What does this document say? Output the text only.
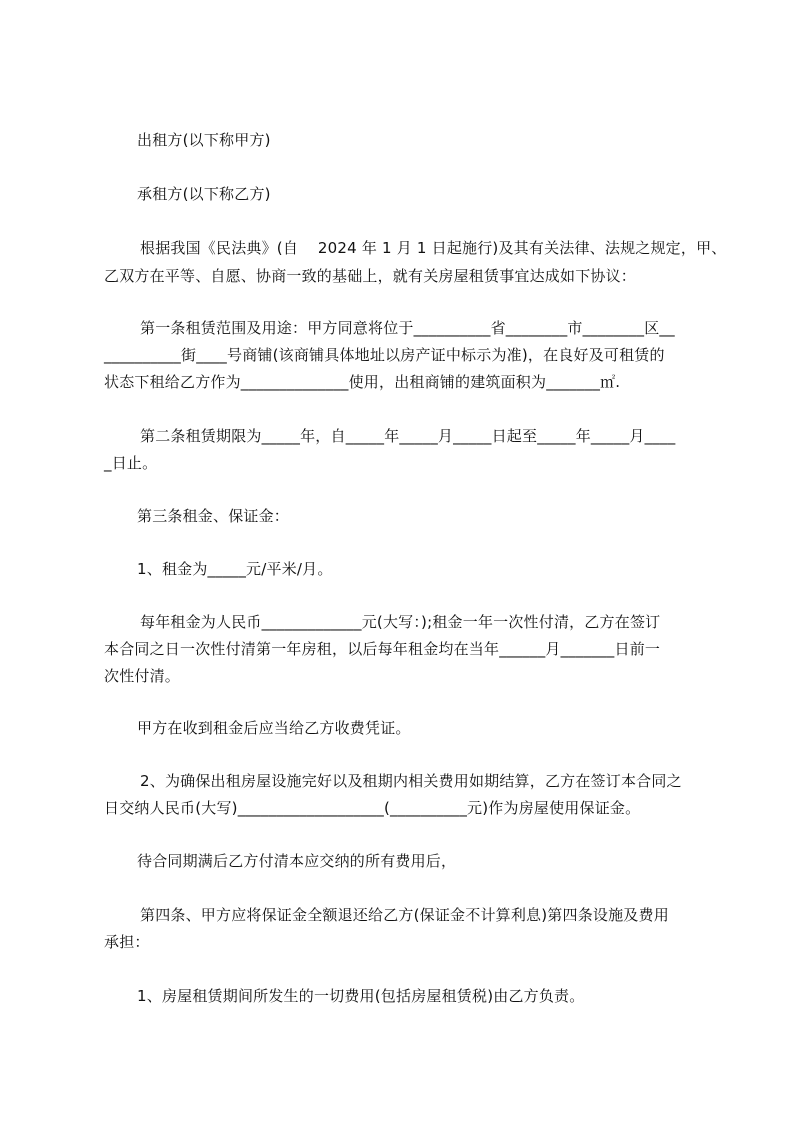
出租方(以下称甲方)
承租方(以下称乙方)
根据我国《民法典》(自    2024 年 1 月 1 日起施行)及其有关法律、法规之规定，甲、
乙双方在平等、自愿、协商一致的基础上，就有关房屋租赁事宜达成如下协议：
第一条租赁范围及用途：甲方同意将位于__________省________市________区__
__________街____号商铺(该商铺具体地址以房产证中标示为准)，在良好及可租赁的
状态下租给乙方作为______________使用，出租商铺的建筑面积为_______㎡.
第二条租赁期限为_____年，自_____年_____月_____日起至_____年_____月____
_日止。
第三条租金、保证金：
1、租金为_____元/平米/月。
每年租金为人民币_____________元(大写：);租金一年一次性付清，乙方在签订
本合同之日一次性付清第一年房租，以后每年租金均在当年______月_______日前一
次性付清。
甲方在收到租金后应当给乙方收费凭证。
2、为确保出租房屋设施完好以及租期内相关费用如期结算，乙方在签订本合同之
日交纳人民币(大写)___________________(__________元)作为房屋使用保证金。
待合同期满后乙方付清本应交纳的所有费用后，
第四条、甲方应将保证金全额退还给乙方(保证金不计算利息)第四条设施及费用
承担：
1、房屋租赁期间所发生的一切费用(包括房屋租赁税)由乙方负责。
